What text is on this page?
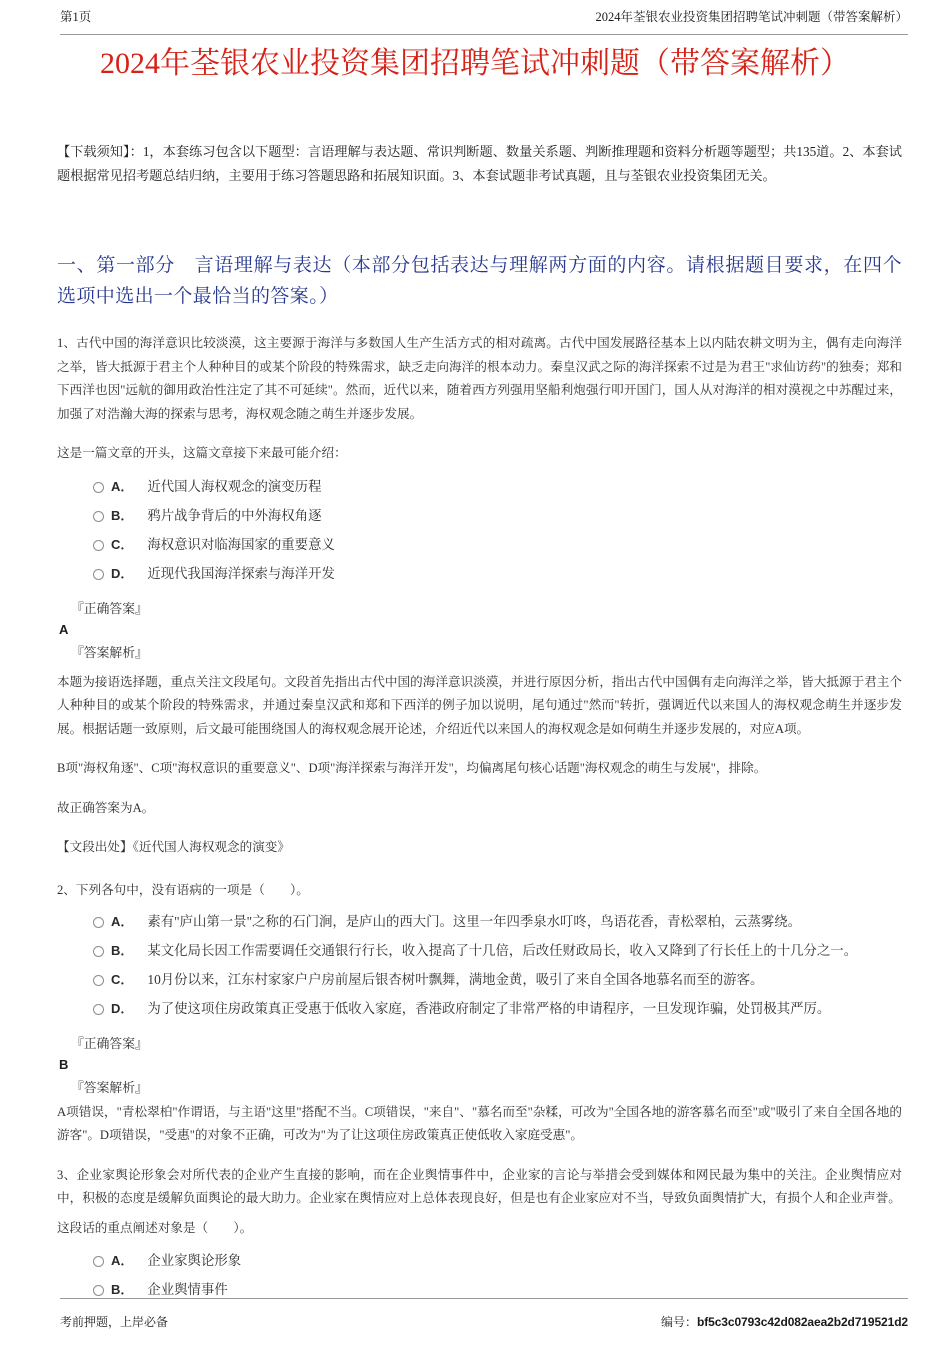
第1页	2024年荃银农业投资集团招聘笔试冲刺题（带答案解析）
2024年荃银农业投资集团招聘笔试冲刺题（带答案解析）

【下载须知】：1，本套练习包含以下题型：言语理解与表达题、常识判断题、数量关系题、判断推理题和资料分析题等题型；共135道。2、本套试题根据常见招考题总结归纳，主要用于练习答题思路和拓展知识面。3、本套试题非考试真题，且与荃银农业投资集团无关。

一、第一部分　言语理解与表达（本部分包括表达与理解两方面的内容。请根据题目要求，在四个选项中选出一个最恰当的答案。）

1、古代中国的海洋意识比较淡漠，这主要源于海洋与多数国人生产生活方式的相对疏离。古代中国发展路径基本上以内陆农耕文明为主，偶有走向海洋之举，皆大抵源于君主个人种种目的或某个阶段的特殊需求，缺乏走向海洋的根本动力。秦皇汉武之际的海洋探索不过是为君王"求仙访药"的独奏；郑和下西洋也因"远航的御用政治性注定了其不可延续"。然而，近代以来，随着西方列强用坚船利炮强行叩开国门，国人从对海洋的相对漠视之中苏醒过来，加强了对浩瀚大海的探索与思考，海权观念随之萌生并逐步发展。

这是一篇文章的开头，这篇文章接下来最可能介绍：

A．	近代国人海权观念的演变历程
B．	鸦片战争背后的中外海权角逐
C．	海权意识对临海国家的重要意义
D．	近现代我国海洋探索与海洋开发

『正确答案』

A

『答案解析』

本题为接语选择题，重点关注文段尾句。文段首先指出古代中国的海洋意识淡漠，并进行原因分析，指出古代中国偶有走向海洋之举，皆大抵源于君主个人种种目的或某个阶段的特殊需求，并通过秦皇汉武和郑和下西洋的例子加以说明，尾句通过"然而"转折，强调近代以来国人的海权观念萌生并逐步发展。根据话题一致原则，后文最可能围绕国人的海权观念展开论述，介绍近代以来国人的海权观念是如何萌生并逐步发展的，对应A项。

B项"海权角逐"、C项"海权意识的重要意义"、D项"海洋探索与海洋开发"，均偏离尾句核心话题"海权观念的萌生与发展"，排除。

故正确答案为A。

【文段出处】《近代国人海权观念的演变》

2、下列各句中，没有语病的一项是（　　）。

A．	素有"庐山第一景"之称的石门涧，是庐山的西大门。这里一年四季泉水叮咚，鸟语花香，青松翠柏，云蒸雾绕。
B．	某文化局长因工作需要调任交通银行行长，收入提高了十几倍，后改任财政局长，收入又降到了行长任上的十几分之一。
C．	10月份以来，江东村家家户户房前屋后银杏树叶飘舞，满地金黄，吸引了来自全国各地慕名而至的游客。
D．	为了使这项住房政策真正受惠于低收入家庭，香港政府制定了非常严格的申请程序，一旦发现诈骗，处罚极其严厉。

『正确答案』

B

『答案解析』

A项错误，"青松翠柏"作谓语，与主语"这里"搭配不当。C项错误，"来自"、"慕名而至"杂糅，可改为"全国各地的游客慕名而至"或"吸引了来自全国各地的游客"。D项错误，"受惠"的对象不正确，可改为"为了让这项住房政策真正使低收入家庭受惠"。

3、企业家舆论形象会对所代表的企业产生直接的影响，而在企业舆情事件中，企业家的言论与举措会受到媒体和网民最为集中的关注。企业舆情应对中，积极的态度是缓解负面舆论的最大助力。企业家在舆情应对上总体表现良好，但是也有企业家应对不当，导致负面舆情扩大，有损个人和企业声誉。

这段话的重点阐述对象是（　　）。

A．	企业家舆论形象
B．	企业舆情事件
考前押题，上岸必备	编号：bf5c3c0793c42d082aea2b2d719521d2
